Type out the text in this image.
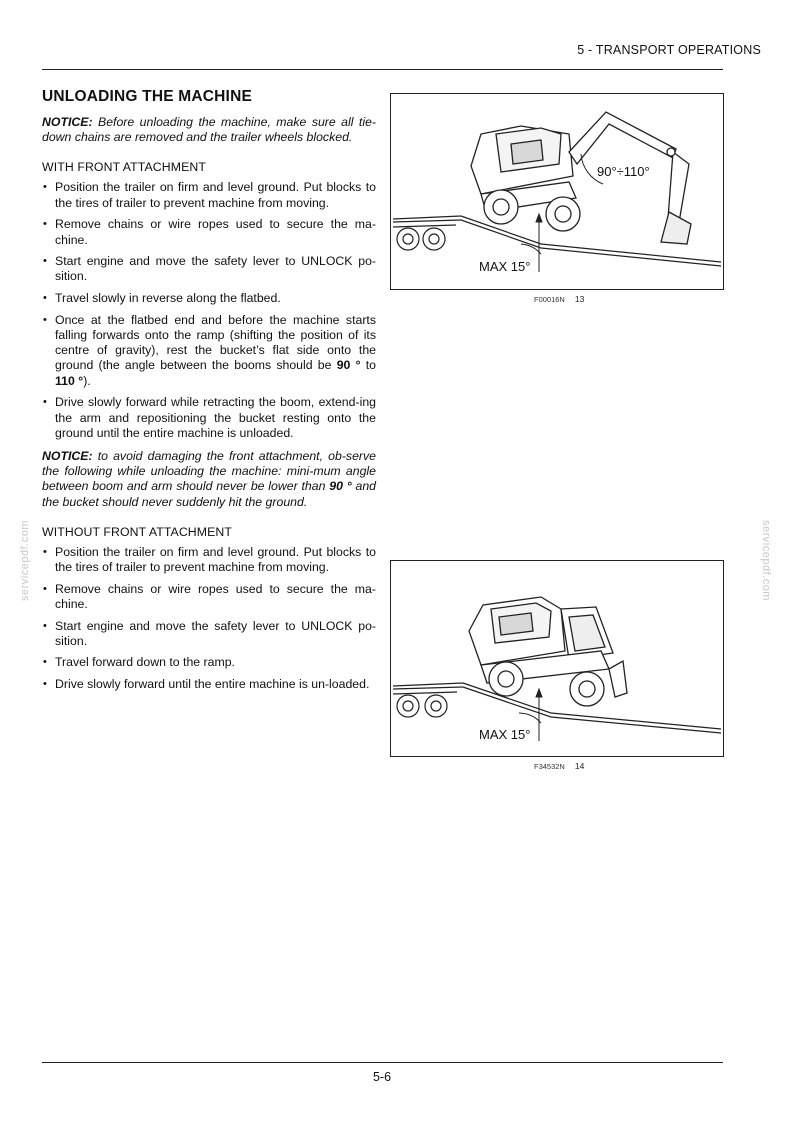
5 - TRANSPORT OPERATIONS
servicepdf.com	servicepdf.com
UNLOADING THE MACHINE

NOTICE: Before unloading the machine, make sure all tie-down chains are removed and the trailer wheels blocked.

WITH FRONT ATTACHMENT
• Position the trailer on firm and level ground. Put blocks to the tires of trailer to prevent machine from moving.
• Remove chains or wire ropes used to secure the ma-chine.
• Start engine and move the safety lever to UNLOCK po-sition.
• Travel slowly in reverse along the flatbed.
• Once at the flatbed end and before the machine starts falling forwards onto the ramp (shifting the position of its centre of gravity), rest the bucket’s flat side onto the ground (the angle between the booms should be 90 ° to 110 °).
• Drive slowly forward while retracting the boom, extend-ing the arm and repositioning the bucket resting onto the ground until the entire machine is unloaded.

NOTICE: to avoid damaging the front attachment, ob-serve the following while unloading the machine: mini-mum angle between boom and arm should never be lower than 90 ° and the bucket should never suddenly hit the ground.

WITHOUT FRONT ATTACHMENT
• Position the trailer on firm and level ground. Put blocks to the tires of trailer to prevent machine from moving.
• Remove chains or wire ropes used to secure the ma-chine.
• Start engine and move the safety lever to UNLOCK po-sition.
• Travel forward down to the ramp.
• Drive slowly forward until the entire machine is un-loaded.
90°÷110°
MAX 15°
F00016N 13
MAX 15°
F34532N 14
5-6
